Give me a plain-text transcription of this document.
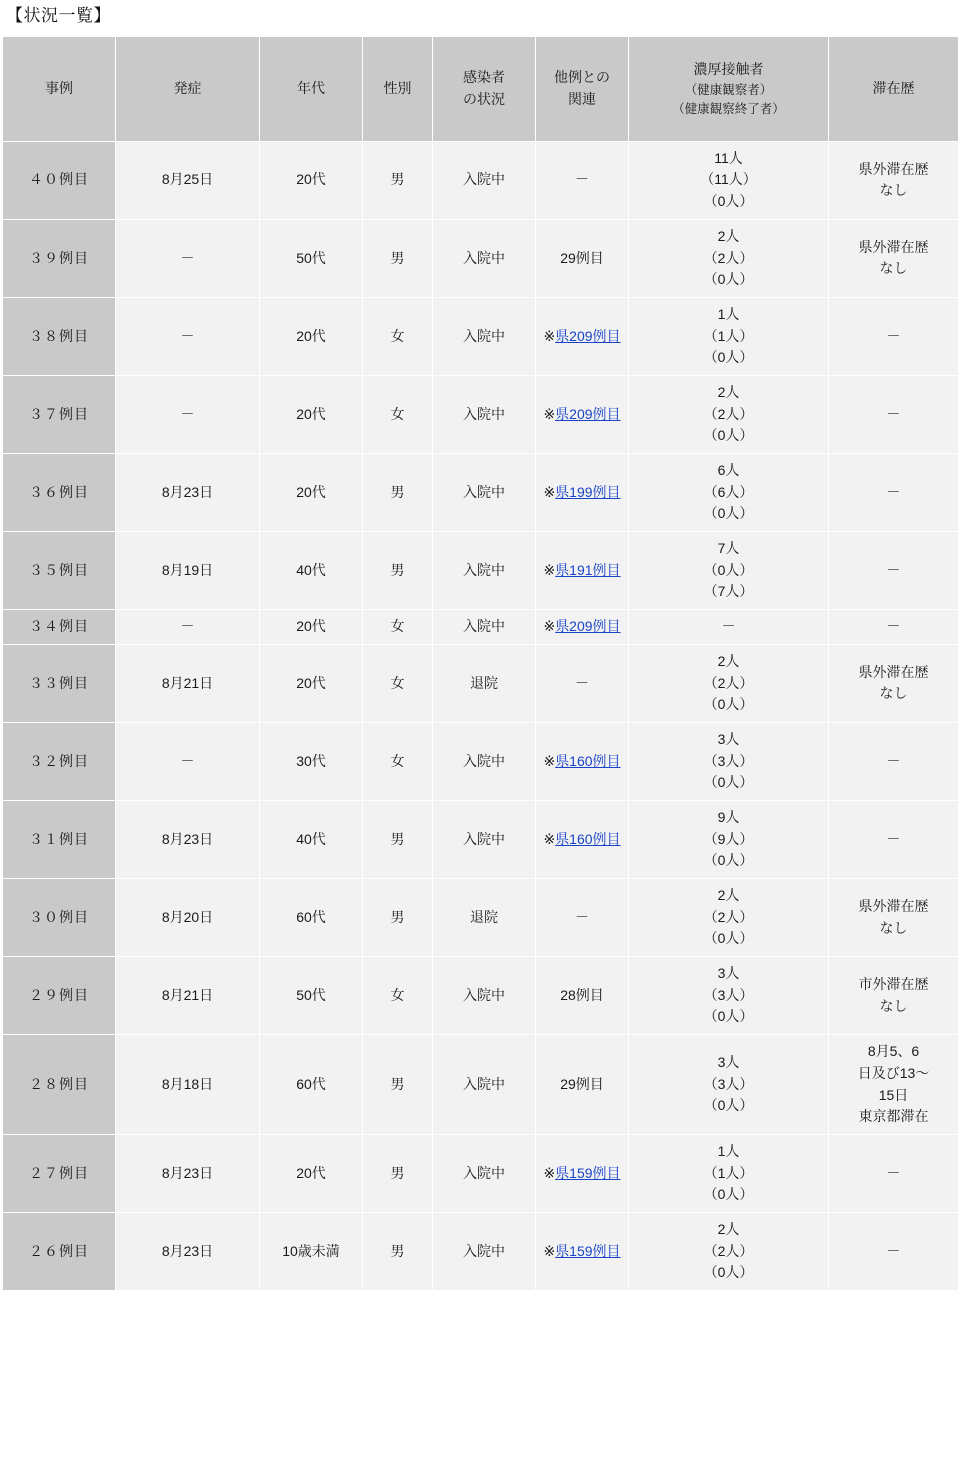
【状況一覧】
事例	発症	年代	性別	感染者
の状況	他例との
関連	濃厚接触者
（健康観察者）
（健康観察終了者）	滞在歴

４０例目	8月25日	20代	男	入院中	－	11人
（11人）
（0人）	県外滞在歴
なし

３９例目	－	50代	男	入院中	29例目	2人
（2人）
（0人）	県外滞在歴
なし

３８例目	－	20代	女	入院中	※県209例目	1人
（1人）
（0人）	－

３７例目	－	20代	女	入院中	※県209例目	2人
（2人）
（0人）	－

３６例目	8月23日	20代	男	入院中	※県199例目	6人
（6人）
（0人）	－

３５例目	8月19日	40代	男	入院中	※県191例目	7人
（0人）
（7人）	－

３４例目	－	20代	女	入院中	※県209例目	－	－

３３例目	8月21日	20代	女	退院	－	2人
（2人）
（0人）	県外滞在歴
なし

３２例目	－	30代	女	入院中	※県160例目	3人
（3人）
（0人）	－

３１例目	8月23日	40代	男	入院中	※県160例目	9人
（9人）
（0人）	－

３０例目	8月20日	60代	男	退院	－	2人
（2人）
（0人）	県外滞在歴
なし

２９例目	8月21日	50代	女	入院中	28例目	3人
（3人）
（0人）	市外滞在歴
なし

２８例目	8月18日	60代	男	入院中	29例目	3人
（3人）
（0人）	8月5、6
日及び13～
15日
東京都滞在

２７例目	8月23日	20代	男	入院中	※県159例目	1人
（1人）
（0人）	－

２６例目	8月23日	10歳未満	男	入院中	※県159例目	2人
（2人）
（0人）	－
